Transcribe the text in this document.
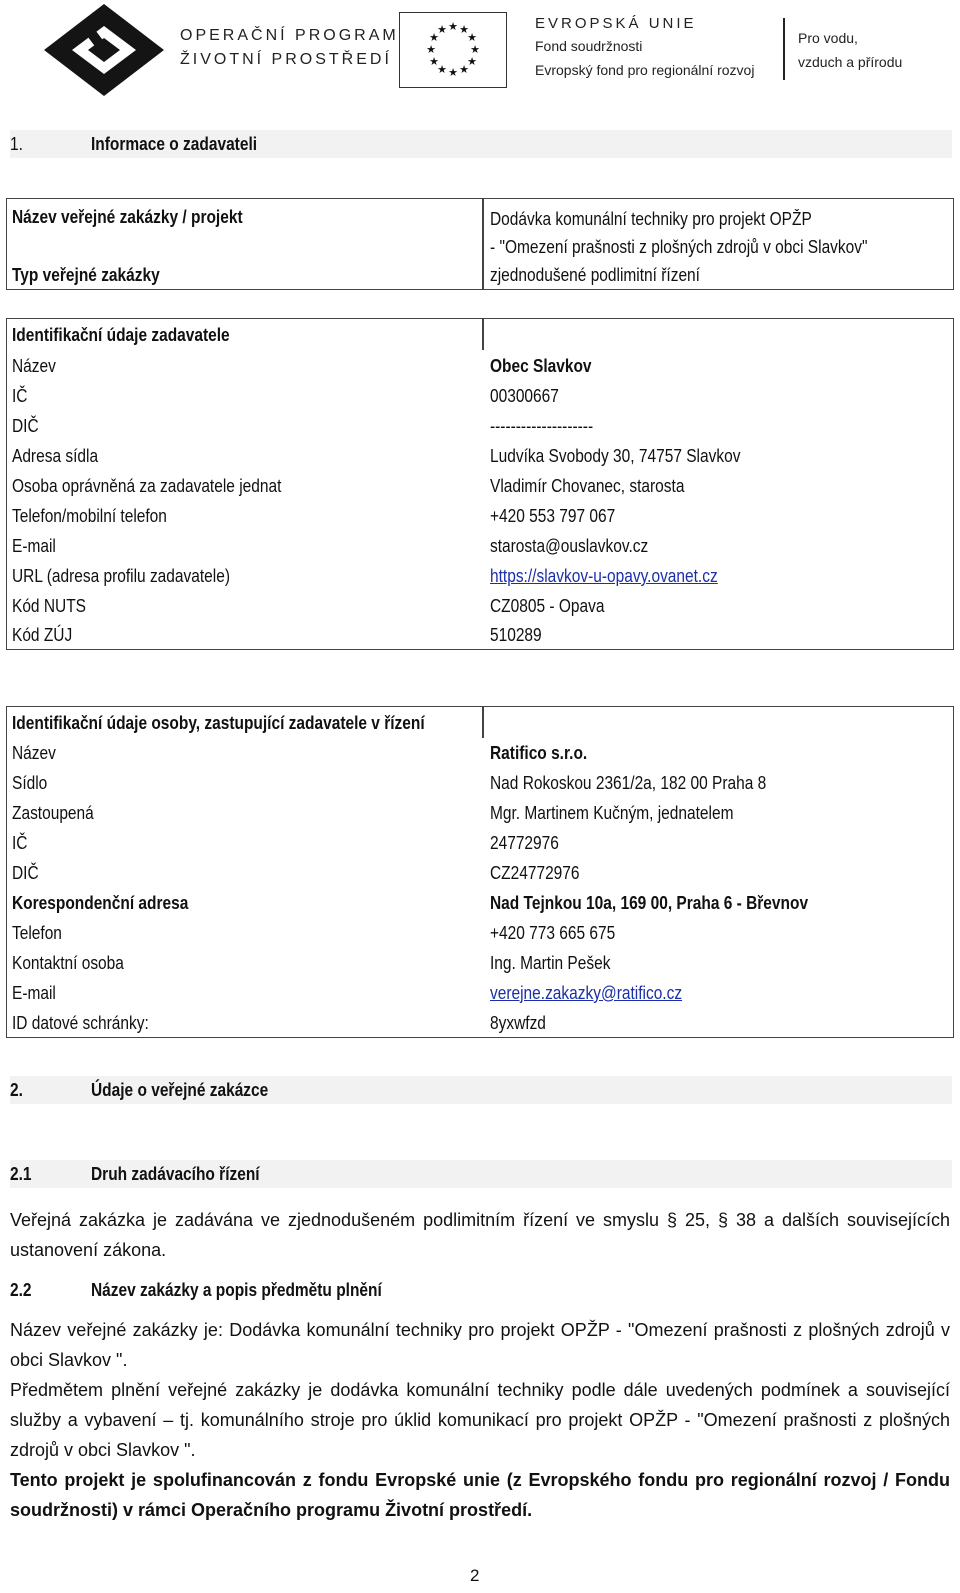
OPERAČNÍ PROGRAM
ŽIVOTNÍ PROSTŘEDÍ
★ ★
★
★
★
★
★
★
★
★
★
★	EVROPSKÁ UNIE
Fond soudržnosti
Evropský fond pro regionální rozvoj
Pro vodu,
vzduch a přírodu
1.	Informace o zadavateli
Název veřejné zakázky / projekt	Dodávka komunální techniky pro projekt OPŽP
- "Omezení prašnosti z plošných zdrojů v obci Slavkov"
Typ veřejné zakázky	zjednodušené podlimitní řízení
Identifikační údaje zadavatele
Název	Obec Slavkov
IČ	00300667
DIČ	--------------------
Adresa sídla	Ludvíka Svobody 30, 74757 Slavkov
Osoba oprávněná za zadavatele jednat	Vladimír Chovanec, starosta
Telefon/mobilní telefon	+420 553 797 067
E-mail	starosta@ouslavkov.cz
URL (adresa profilu zadavatele)	https://slavkov-u-opavy.ovanet.cz
Kód NUTS	CZ0805 - Opava
Kód ZÚJ	510289
Identifikační údaje osoby, zastupující zadavatele v řízení
Název	Ratifico s.r.o.
Sídlo	Nad Rokoskou 2361/2a, 182 00 Praha 8
Zastoupená	Mgr. Martinem Kučným, jednatelem
IČ	24772976
DIČ	CZ24772976
Korespondenční adresa	Nad Tejnkou 10a, 169 00, Praha 6 - Břevnov
Telefon	+420 773 665 675
Kontaktní osoba	Ing. Martin Pešek
E-mail	verejne.zakazky@ratifico.cz
ID datové schránky:	8yxwfzd
2.	Údaje o veřejné zakázce
2.1	Druh zadávacího řízení
Veřejná zakázka je zadávána ve zjednodušeném podlimitním řízení ve smyslu § 25, § 38 a dalších souvisejících ustanovení zákona.
2.2	Název zakázky a popis předmětu plnění
Název veřejné zakázky je: Dodávka komunální techniky pro projekt OPŽP - "Omezení prašnosti z plošných zdrojů v obci Slavkov ".
Předmětem plnění veřejné zakázky je dodávka komunální techniky podle dále uvedených podmínek a související služby a vybavení – tj. komunálního stroje pro úklid komunikací pro projekt OPŽP - "Omezení prašnosti z plošných zdrojů v obci Slavkov ".
Tento projekt je spolufinancován z fondu Evropské unie (z Evropského fondu pro regionální rozvoj / Fondu soudržnosti) v rámci Operačního programu Životní prostředí.
2
